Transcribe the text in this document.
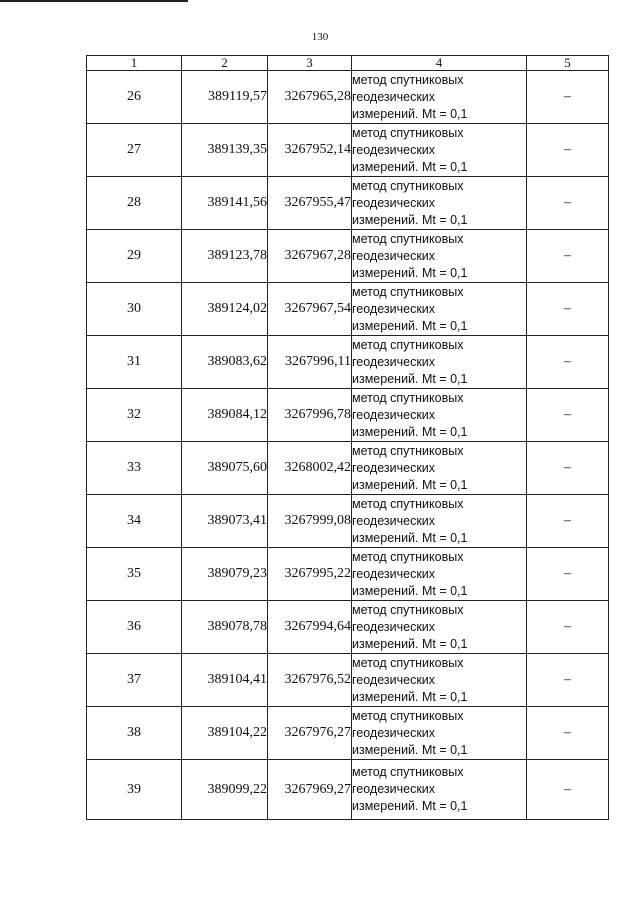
130
1	2	3	4	5
26	389119,57	3267965,28	метод спутниковых
геодезических
измерений. Mt = 0,1	–
27	389139,35	3267952,14	метод спутниковых
геодезических
измерений. Mt = 0,1	–
28	389141,56	3267955,47	метод спутниковых
геодезических
измерений. Mt = 0,1	–
29	389123,78	3267967,28	метод спутниковых
геодезических
измерений. Mt = 0,1	–
30	389124,02	3267967,54	метод спутниковых
геодезических
измерений. Mt = 0,1	–
31	389083,62	3267996,11	метод спутниковых
геодезических
измерений. Mt = 0,1	–
32	389084,12	3267996,78	метод спутниковых
геодезических
измерений. Mt = 0,1	–
33	389075,60	3268002,42	метод спутниковых
геодезических
измерений. Mt = 0,1	–
34	389073,41	3267999,08	метод спутниковых
геодезических
измерений. Mt = 0,1	–
35	389079,23	3267995,22	метод спутниковых
геодезических
измерений. Mt = 0,1	–
36	389078,78	3267994,64	метод спутниковых
геодезических
измерений. Mt = 0,1	–
37	389104,41	3267976,52	метод спутниковых
геодезических
измерений. Mt = 0,1	–
38	389104,22	3267976,27	метод спутниковых
геодезических
измерений. Mt = 0,1	–
39	389099,22	3267969,27	метод спутниковых
геодезических
измерений. Mt = 0,1	–
